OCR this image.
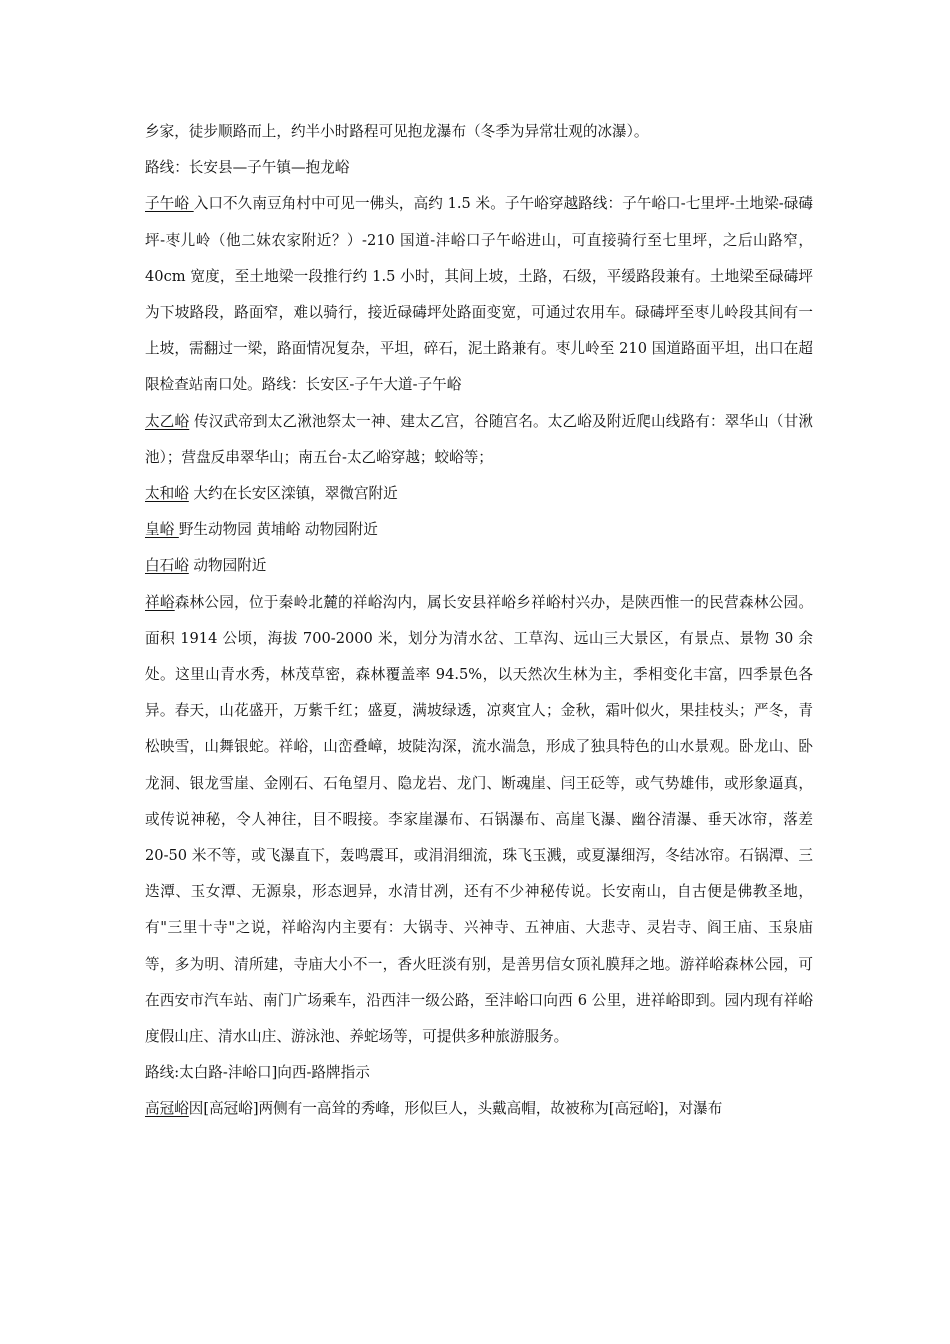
乡家，徒步顺路而上，约半小时路程可见抱龙瀑布（冬季为异常壮观的冰瀑）。

路线：长安县—子午镇—抱龙峪

子午峪 入口不久南豆角村中可见一佛头，高约 1.5 米。子午峪穿越路线：子午峪口-七里坪-土地梁-碌碡坪-枣儿岭（他二妹农家附近？）-210 国道-沣峪口子午峪进山，可直接骑行至七里坪，之后山路窄，40cm 宽度，至土地梁一段推行约 1.5 小时，其间上坡，土路，石级，平缓路段兼有。土地梁至碌碡坪为下坡路段，路面窄，难以骑行，接近碌碡坪处路面变宽，可通过农用车。碌碡坪至枣儿岭段其间有一上坡，需翻过一梁，路面情况复杂，平坦，碎石，泥土路兼有。枣儿岭至 210 国道路面平坦，出口在超限检查站南口处。路线：长安区-子午大道-子午峪

太乙峪 传汉武帝到太乙湫池祭太一神、建太乙宫，谷随宫名。太乙峪及附近爬山线路有：翠华山（甘湫池）；营盘反串翠华山；南五台-太乙峪穿越；蛟峪等；

太和峪 大约在长安区滦镇，翠微宫附近

皇峪 野生动物园 黄埔峪 动物园附近

白石峪 动物园附近

祥峪森林公园，位于秦岭北麓的祥峪沟内，属长安县祥峪乡祥峪村兴办，是陕西惟一的民营森林公园。面积 1914 公顷，海拔 700-2000 米，划分为清水岔、工草沟、远山三大景区，有景点、景物 30 余处。这里山青水秀，林茂草密，森林覆盖率 94.5%，以天然次生林为主，季相变化丰富，四季景色各异。春天，山花盛开，万紫千红；盛夏，满坡绿透，凉爽宜人；金秋，霜叶似火，果挂枝头；严冬，青松映雪，山舞银蛇。祥峪，山峦叠嶂，坡陡沟深，流水湍急，形成了独具特色的山水景观。卧龙山、卧龙洞、银龙雪崖、金刚石、石龟望月、隐龙岩、龙门、断魂崖、闫王砭等，或气势雄伟，或形象逼真，或传说神秘，令人神往，目不暇接。李家崖瀑布、石锅瀑布、高崖飞瀑、幽谷清瀑、垂天冰帘，落差 20-50 米不等，或飞瀑直下，轰鸣震耳，或涓涓细流，珠飞玉溅，或夏瀑细泻，冬结冰帘。石锅潭、三迭潭、玉女潭、无源泉，形态迥异，水清甘冽，还有不少神秘传说。长安南山，自古便是佛教圣地，有"三里十寺"之说，祥峪沟内主要有：大锅寺、兴神寺、五神庙、大悲寺、灵岩寺、阎王庙、玉泉庙等，多为明、清所建，寺庙大小不一，香火旺淡有别，是善男信女顶礼膜拜之地。游祥峪森林公园，可在西安市汽车站、南门广场乘车，沿西沣一级公路，至沣峪口向西 6 公里，进祥峪即到。园内现有祥峪度假山庄、清水山庄、游泳池、养蛇场等，可提供多种旅游服务。

路线:太白路-沣峪口]向西-路牌指示

高冠峪因[高冠峪]两侧有一高耸的秀峰，形似巨人，头戴高帽，故被称为[高冠峪]，对瀑布
